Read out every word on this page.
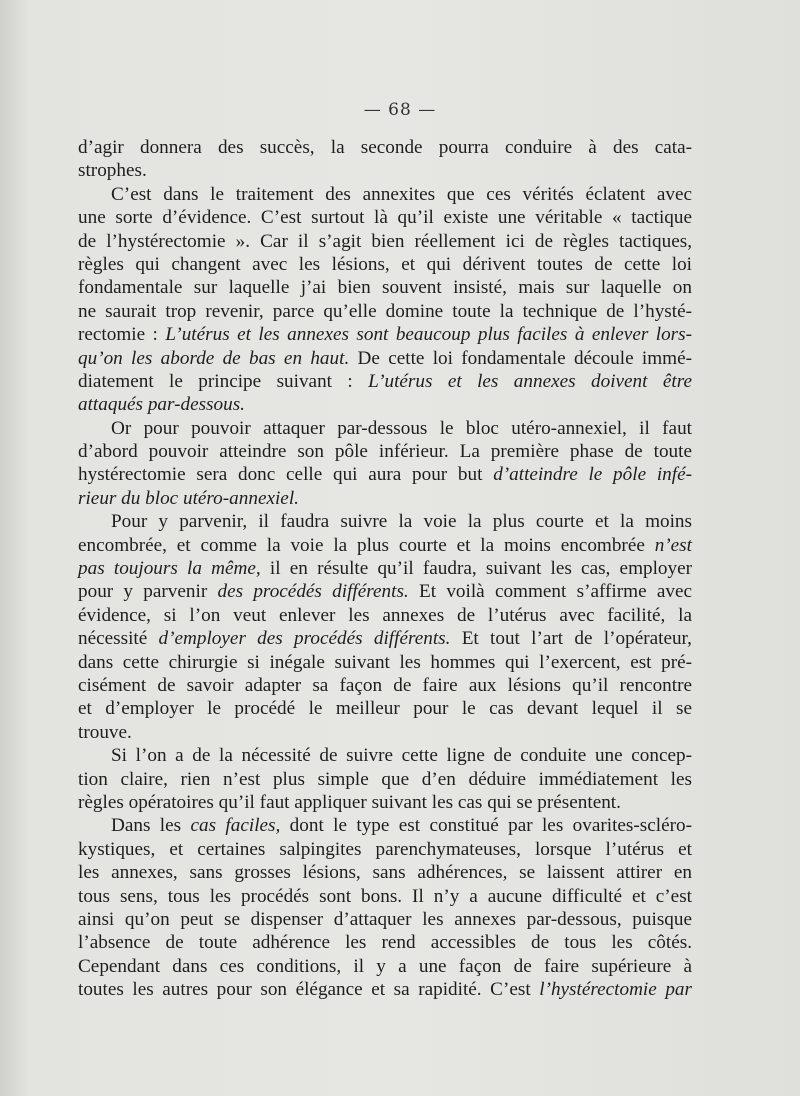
— 68 —
d’agir donnera des succès, la seconde pourra conduire à des cata-
strophes.
C’est dans le traitement des annexites que ces vérités éclatent avec
une sorte d’évidence. C’est surtout là qu’il existe une véritable « tactique
de l’hystérectomie ». Car il s’agit bien réellement ici de règles tactiques,
règles qui changent avec les lésions, et qui dérivent toutes de cette loi
fondamentale sur laquelle j’ai bien souvent insisté, mais sur laquelle on
ne saurait trop revenir, parce qu’elle domine toute la technique de l’hysté-
rectomie : L’utérus et les annexes sont beaucoup plus faciles à enlever lors-
qu’on les aborde de bas en haut. De cette loi fondamentale découle immé-
diatement le principe suivant : L’utérus et les annexes doivent être
attaqués par-dessous.
Or pour pouvoir attaquer par-dessous le bloc utéro-annexiel, il faut
d’abord pouvoir atteindre son pôle inférieur. La première phase de toute
hystérectomie sera donc celle qui aura pour but d’atteindre le pôle infé-
rieur du bloc utéro-annexiel.
Pour y parvenir, il faudra suivre la voie la plus courte et la moins
encombrée, et comme la voie la plus courte et la moins encombrée n’est
pas toujours la même, il en résulte qu’il faudra, suivant les cas, employer
pour y parvenir des procédés différents. Et voilà comment s’affirme avec
évidence, si l’on veut enlever les annexes de l’utérus avec facilité, la
nécessité d’employer des procédés différents. Et tout l’art de l’opérateur,
dans cette chirurgie si inégale suivant les hommes qui l’exercent, est pré-
cisément de savoir adapter sa façon de faire aux lésions qu’il rencontre
et d’employer le procédé le meilleur pour le cas devant lequel il se
trouve.
Si l’on a de la nécessité de suivre cette ligne de conduite une concep-
tion claire, rien n’est plus simple que d’en déduire immédiatement les
règles opératoires qu’il faut appliquer suivant les cas qui se présentent.
Dans les cas faciles, dont le type est constitué par les ovarites-scléro-
kystiques, et certaines salpingites parenchymateuses, lorsque l’utérus et
les annexes, sans grosses lésions, sans adhérences, se laissent attirer en
tous sens, tous les procédés sont bons. Il n’y a aucune difficulté et c’est
ainsi qu’on peut se dispenser d’attaquer les annexes par-dessous, puisque
l’absence de toute adhérence les rend accessibles de tous les côtés.
Cependant dans ces conditions, il y a une façon de faire supérieure à
toutes les autres pour son élégance et sa rapidité. C’est l’hystérectomie par
